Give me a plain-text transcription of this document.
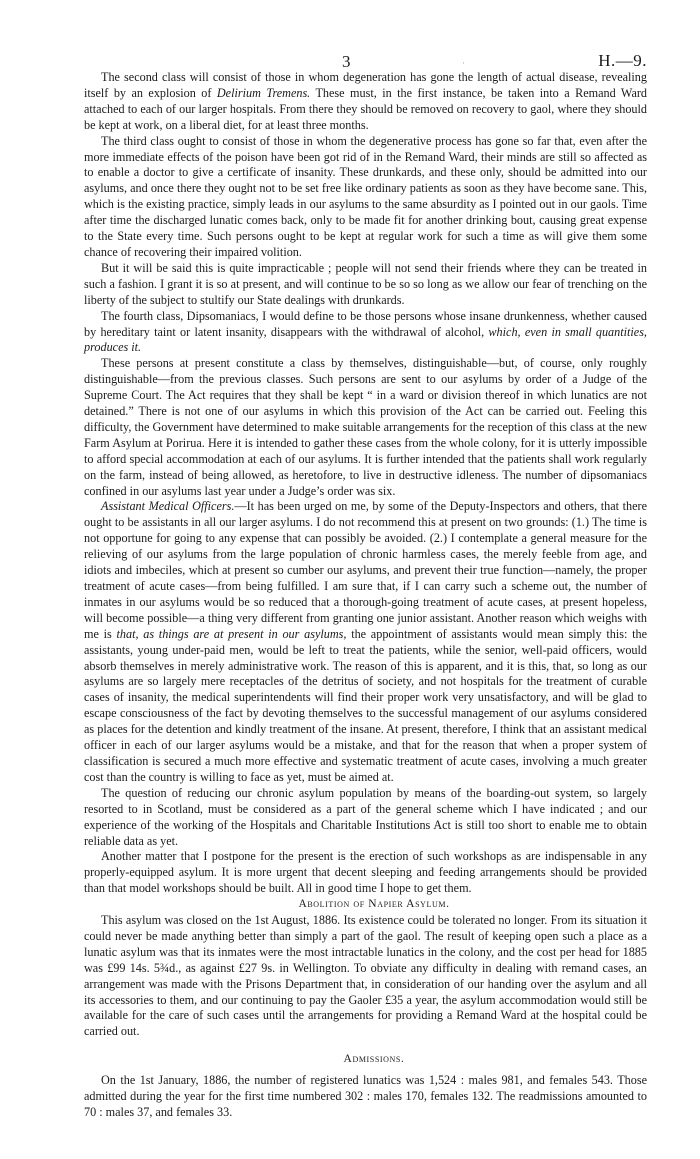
3	·	H.—9.

The second class will consist of those in whom degeneration has gone the length of actual disease, revealing itself by an explosion of Delirium Tremens. These must, in the first instance, be taken into a Remand Ward attached to each of our larger hospitals. From there they should be removed on recovery to gaol, where they should be kept at work, on a liberal diet, for at least three months.

The third class ought to consist of those in whom the degenerative process has gone so far that, even after the more immediate effects of the poison have been got rid of in the Remand Ward, their minds are still so affected as to enable a doctor to give a certificate of insanity. These drunkards, and these only, should be admitted into our asylums, and once there they ought not to be set free like ordinary patients as soon as they have become sane. This, which is the existing practice, simply leads in our asylums to the same absurdity as I pointed out in our gaols. Time after time the discharged lunatic comes back, only to be made fit for another drinking bout, causing great expense to the State every time. Such persons ought to be kept at regular work for such a time as will give them some chance of recovering their impaired volition.

But it will be said this is quite impracticable ; people will not send their friends where they can be treated in such a fashion. I grant it is so at present, and will continue to be so so long as we allow our fear of trenching on the liberty of the subject to stultify our State dealings with drunkards.

The fourth class, Dipsomaniacs, I would define to be those persons whose insane drunkenness, whether caused by hereditary taint or latent insanity, disappears with the withdrawal of alcohol, which, even in small quantities, produces it.

These persons at present constitute a class by themselves, distinguishable—but, of course, only roughly distinguishable—from the previous classes. Such persons are sent to our asylums by order of a Judge of the Supreme Court. The Act requires that they shall be kept “ in a ward or division thereof in which lunatics are not detained.” There is not one of our asylums in which this provision of the Act can be carried out. Feeling this difficulty, the Government have determined to make suitable arrangements for the reception of this class at the new Farm Asylum at Porirua. Here it is intended to gather these cases from the whole colony, for it is utterly impossible to afford special accommodation at each of our asylums. It is further intended that the patients shall work regularly on the farm, instead of being allowed, as heretofore, to live in destructive idleness. The number of dipsomaniacs confined in our asylums last year under a Judge’s order was six.

Assistant Medical Officers.—It has been urged on me, by some of the Deputy-Inspectors and others, that there ought to be assistants in all our larger asylums. I do not recommend this at present on two grounds: (1.) The time is not opportune for going to any expense that can possibly be avoided. (2.) I contemplate a general measure for the relieving of our asylums from the large population of chronic harmless cases, the merely feeble from age, and idiots and imbeciles, which at present so cumber our asylums, and prevent their true function—namely, the proper treatment of acute cases—from being fulfilled. I am sure that, if I can carry such a scheme out, the number of inmates in our asylums would be so reduced that a thorough-going treatment of acute cases, at present hopeless, will become possible—a thing very different from granting one junior assistant. Another reason which weighs with me is that, as things are at present in our asylums, the appointment of assistants would mean simply this: the assistants, young under-paid men, would be left to treat the patients, while the senior, well-paid officers, would absorb themselves in merely administrative work. The reason of this is apparent, and it is this, that, so long as our asylums are so largely mere receptacles of the detritus of society, and not hospitals for the treatment of curable cases of insanity, the medical superintendents will find their proper work very unsatisfactory, and will be glad to escape consciousness of the fact by devoting themselves to the successful management of our asylums considered as places for the detention and kindly treatment of the insane. At present, therefore, I think that an assistant medical officer in each of our larger asylums would be a mistake, and that for the reason that when a proper system of classification is secured a much more effective and systematic treatment of acute cases, involving a much greater cost than the country is willing to face as yet, must be aimed at.

The question of reducing our chronic asylum population by means of the boarding-out system, so largely resorted to in Scotland, must be considered as a part of the general scheme which I have indicated ; and our experience of the working of the Hospitals and Charitable Institutions Act is still too short to enable me to obtain reliable data as yet.

Another matter that I postpone for the present is the erection of such workshops as are indispensable in any properly-equipped asylum. It is more urgent that decent sleeping and feeding arrangements should be provided than that model workshops should be built. All in good time I hope to get them.

Abolition of Napier Asylum.

This asylum was closed on the 1st August, 1886. Its existence could be tolerated no longer. From its situation it could never be made anything better than simply a part of the gaol. The result of keeping open such a place as a lunatic asylum was that its inmates were the most intractable lunatics in the colony, and the cost per head for 1885 was £99 14s. 5¾d., as against £27 9s. in Wellington. To obviate any difficulty in dealing with remand cases, an arrangement was made with the Prisons Department that, in consideration of our handing over the asylum and all its accessories to them, and our continuing to pay the Gaoler £35 a year, the asylum accommodation would still be available for the care of such cases until the arrangements for providing a Remand Ward at the hospital could be carried out.

Admissions.

On the 1st January, 1886, the number of registered lunatics was 1,524 : males 981, and females 543. Those admitted during the year for the first time numbered 302 : males 170, females 132. The readmissions amounted to 70 : males 37, and females 33.
